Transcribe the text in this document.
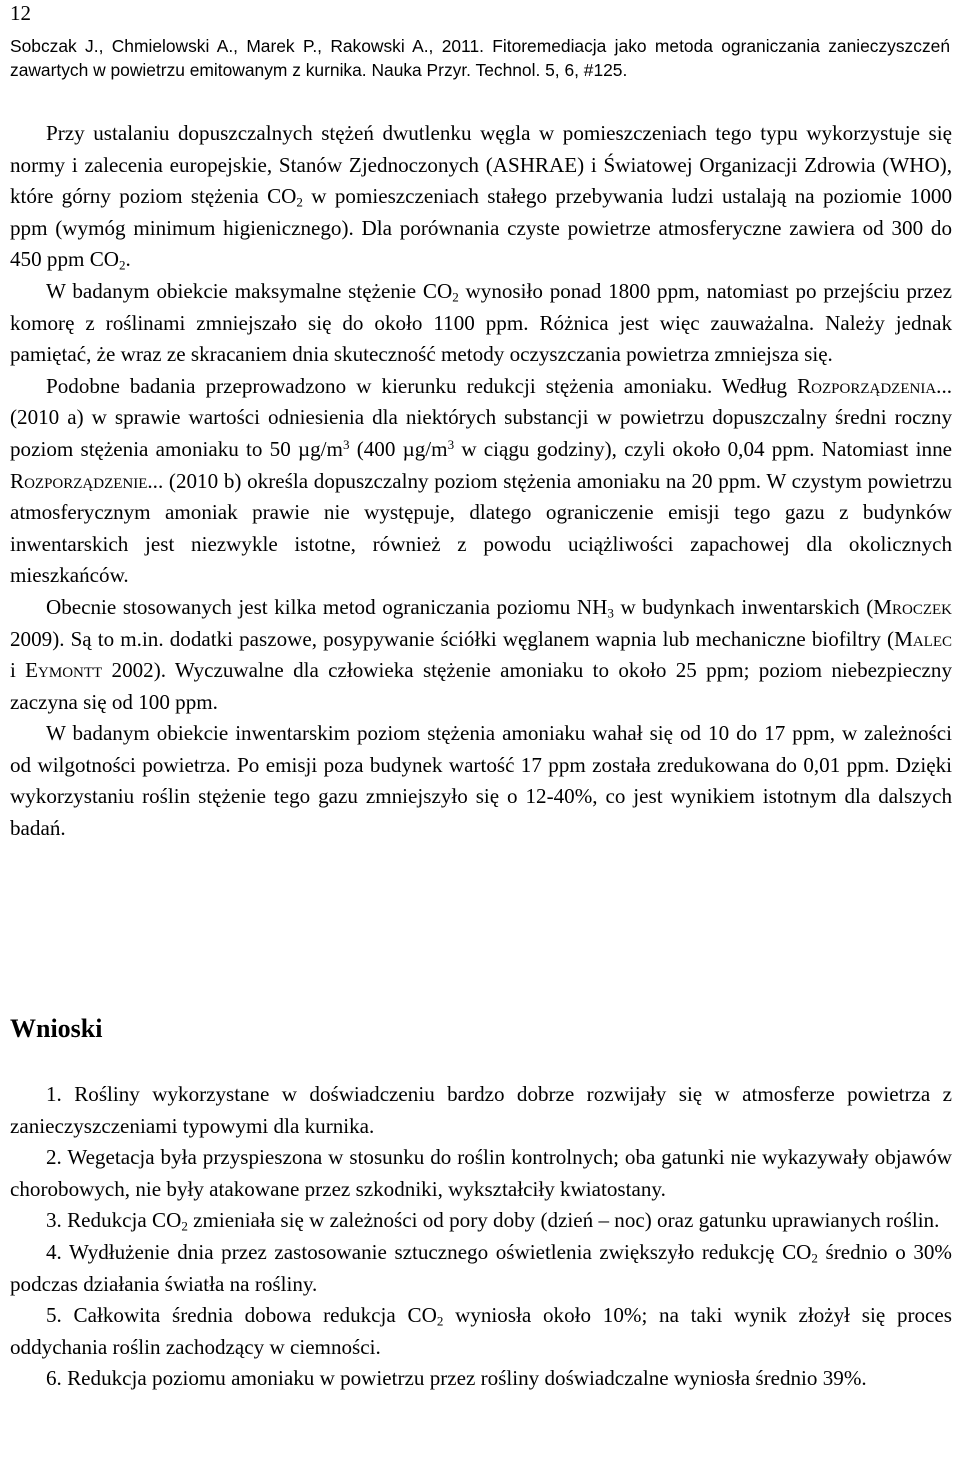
12
Sobczak J., Chmielowski A., Marek P., Rakowski A., 2011. Fitoremediacja jako metoda ograniczania zanieczyszczeń zawartych w powietrzu emitowanym z kurnika. Nauka Przyr. Technol. 5, 6, #125.

Przy ustalaniu dopuszczalnych stężeń dwutlenku węgla w pomieszczeniach tego typu wykorzystuje się normy i zalecenia europejskie, Stanów Zjednoczonych (ASHRAE) i Światowej Organizacji Zdrowia (WHO), które górny poziom stężenia $CO_2$ w pomieszczeniach stałego przebywania ludzi ustalają na poziomie 1000 ppm (wymóg minimum higienicznego). Dla porównania czyste powietrze atmosferyczne zawiera od 300 do 450 ppm $CO_2$.

W badanym obiekcie maksymalne stężenie $CO_2$ wynosiło ponad 1800 ppm, natomiast po przejściu przez komorę z roślinami zmniejszało się do około 1100 ppm. Różnica jest więc zauważalna. Należy jednak pamiętać, że wraz ze skracaniem dnia skuteczność metody oczyszczania powietrza zmniejsza się.

Podobne badania przeprowadzono w kierunku redukcji stężenia amoniaku. Według Rozporządzenia... (2010 a) w sprawie wartości odniesienia dla niektórych substancji w powietrzu dopuszczalny średni roczny poziom stężenia amoniaku to 50 $\mu g/m^3$ (400 $\mu g/m^3$ w ciągu godziny), czyli około 0,04 ppm. Natomiast inne Rozporządzenie... (2010 b) określa dopuszczalny poziom stężenia amoniaku na 20 ppm. W czystym powietrzu atmosferycznym amoniak prawie nie występuje, dlatego ograniczenie emisji tego gazu z budynków inwentarskich jest niezwykle istotne, również z powodu uciążliwości zapachowej dla okolicznych mieszkańców.

Obecnie stosowanych jest kilka metod ograniczania poziomu $NH_3$ w budynkach inwentarskich (Mroczek 2009). Są to m.in. dodatki paszowe, posypywanie ściółki węglanem wapnia lub mechaniczne biofiltry (Malec i Eymontt 2002). Wyczuwalne dla człowieka stężenie amoniaku to około 25 ppm; poziom niebezpieczny zaczyna się od 100 ppm.

W badanym obiekcie inwentarskim poziom stężenia amoniaku wahał się od 10 do 17 ppm, w zależności od wilgotności powietrza. Po emisji poza budynek wartość 17 ppm została zredukowana do 0,01 ppm. Dzięki wykorzystaniu roślin stężenie tego gazu zmniejszyło się o 12-40%, co jest wynikiem istotnym dla dalszych badań.

Wnioski

1. Rośliny wykorzystane w doświadczeniu bardzo dobrze rozwijały się w atmosferze powietrza z zanieczyszczeniami typowymi dla kurnika.

2. Wegetacja była przyspieszona w stosunku do roślin kontrolnych; oba gatunki nie wykazywały objawów chorobowych, nie były atakowane przez szkodniki, wykształciły kwiatostany.

3. Redukcja $CO_2$ zmieniała się w zależności od pory doby (dzień – noc) oraz gatunku uprawianych roślin.

4. Wydłużenie dnia przez zastosowanie sztucznego oświetlenia zwiększyło redukcję $CO_2$ średnio o 30% podczas działania światła na rośliny.

5. Całkowita średnia dobowa redukcja $CO_2$ wyniosła około 10%; na taki wynik złożył się proces oddychania roślin zachodzący w ciemności.

6. Redukcja poziomu amoniaku w powietrzu przez rośliny doświadczalne wyniosła średnio 39%.
